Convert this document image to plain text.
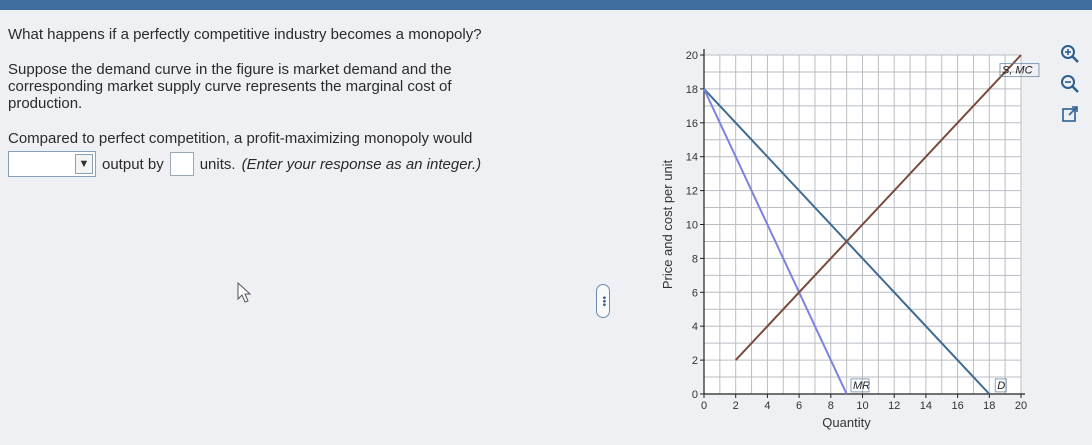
What happens if a perfectly competitive industry becomes a monopoly?
Suppose the demand curve in the figure is market demand and the
corresponding market supply curve represents the marginal cost of
production.
Compared to perfect competition, a profit-maximizing monopoly would
▼ output by units. (Enter your response as an integer.)
•••
0 2 4 6 8 10 12 14 16 18 20
0
2
4
6
8
10
12
14
16
18
20
Quantity
Price and cost per unit
D
MR
S, MC
